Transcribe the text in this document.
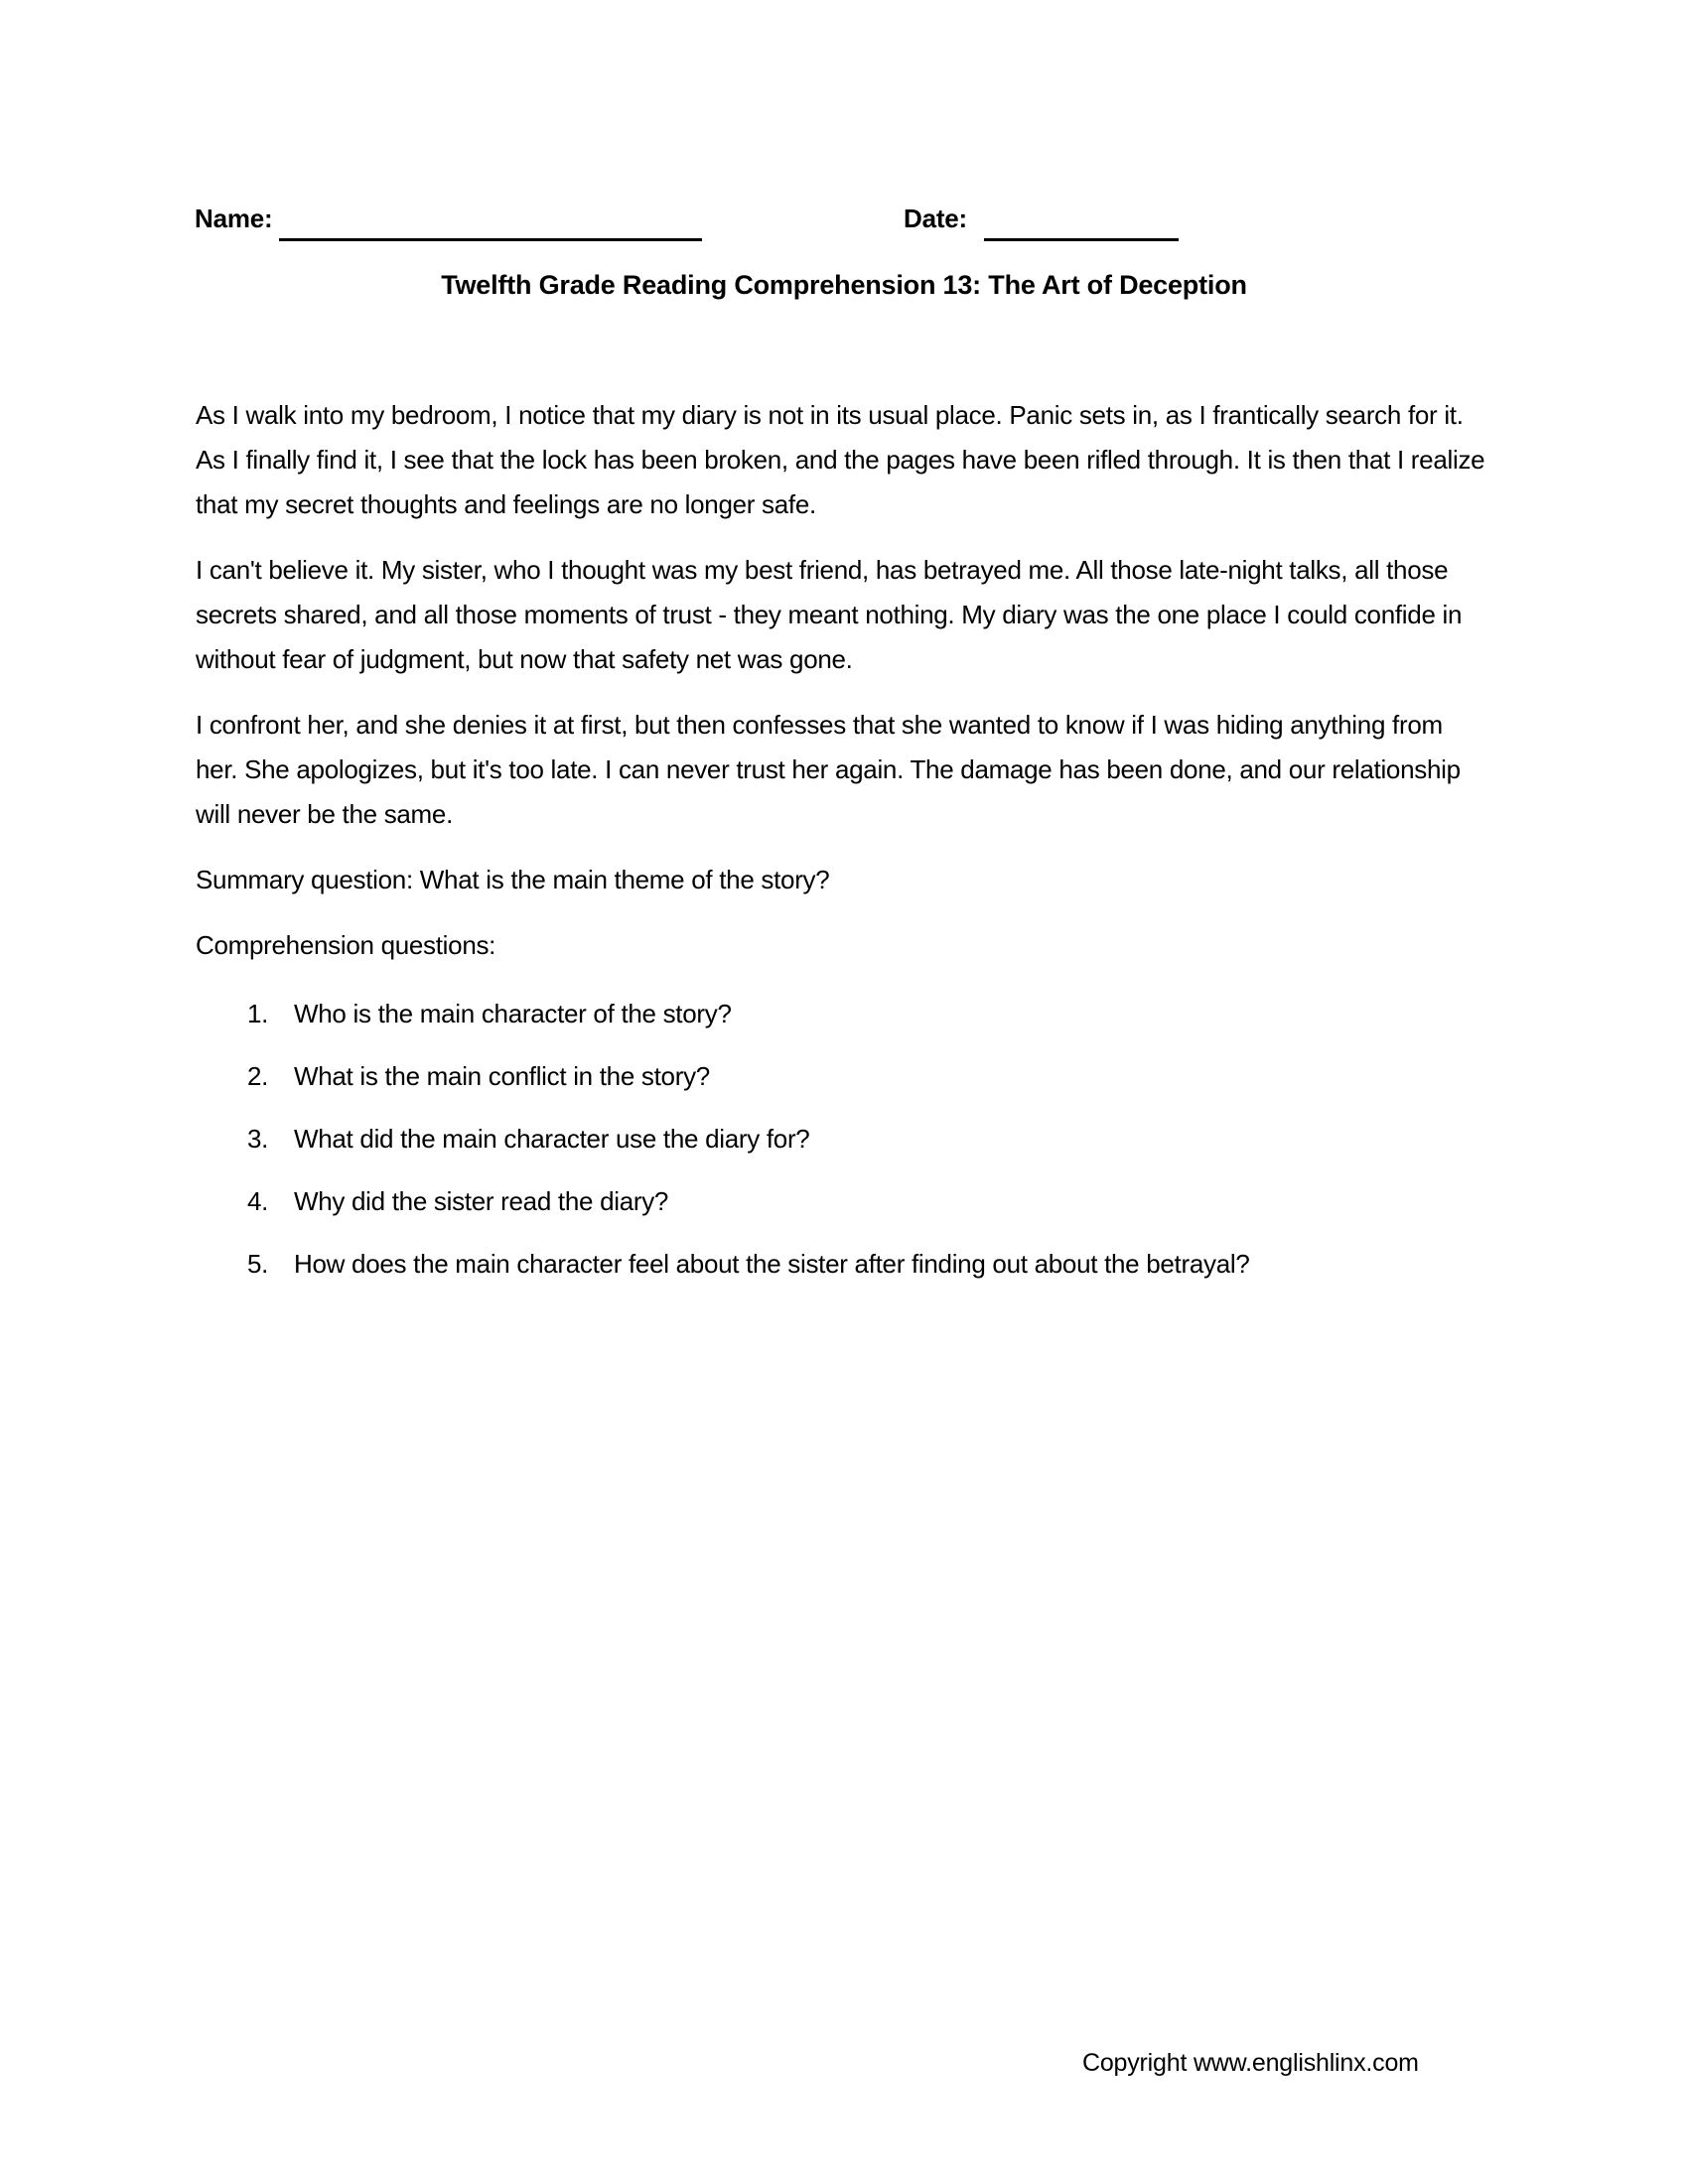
Name:	Date:
Twelfth Grade Reading Comprehension 13: The Art of Deception

As I walk into my bedroom, I notice that my diary is not in its usual place. Panic sets in, as I frantically search for it. As I finally find it, I see that the lock has been broken, and the pages have been rifled through. It is then that I realize that my secret thoughts and feelings are no longer safe.

I can't believe it. My sister, who I thought was my best friend, has betrayed me. All those late-night talks, all those secrets shared, and all those moments of trust - they meant nothing. My diary was the one place I could confide in without fear of judgment, but now that safety net was gone.

I confront her, and she denies it at first, but then confesses that she wanted to know if I was hiding anything from her. She apologizes, but it's too late. I can never trust her again. The damage has been done, and our relationship will never be the same.

Summary question: What is the main theme of the story?

Comprehension questions:

1. Who is the main character of the story?
2. What is the main conflict in the story?
3. What did the main character use the diary for?
4. Why did the sister read the diary?
5. How does the main character feel about the sister after finding out about the betrayal?
Copyright www.englishlinx.com
